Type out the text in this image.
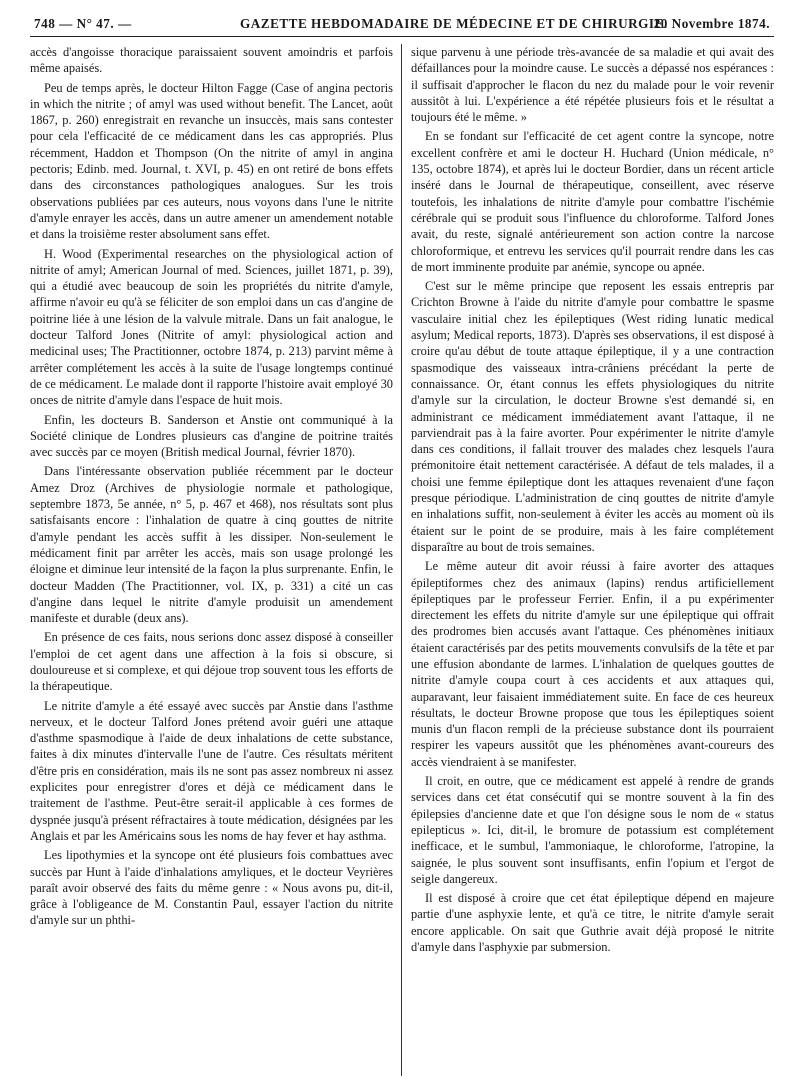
748 — N° 47. —	GAZETTE HEBDOMADAIRE DE MÉDECINE ET DE CHIRURGIE.
20 Novembre 1874.

accès d'angoisse thoracique paraissaient souvent amoindris et parfois même apaisés.

Peu de temps après, le docteur Hilton Fagge (Case of angina pectoris in which the nitrite ; of amyl was used without benefit. The Lancet, août 1867, p. 260) enregistrait en revanche un insuccès, mais sans contester pour cela l'efficacité de ce médicament dans les cas appropriés. Plus récemment, Haddon et Thompson (On the nitrite of amyl in angina pectoris; Edinb. med. Journal, t. XVI, p. 45) en ont retiré de bons effets dans des circonstances pathologiques analogues. Sur les trois observations publiées par ces auteurs, nous voyons dans l'une le nitrite d'amyle enrayer les accès, dans un autre amener un amendement notable et dans la troisième rester absolument sans effet.

H. Wood (Experimental researches on the physiological action of nitrite of amyl; American Journal of med. Sciences, juillet 1871, p. 39), qui a étudié avec beaucoup de soin les propriétés du nitrite d'amyle, affirme n'avoir eu qu'à se féliciter de son emploi dans un cas d'angine de poitrine liée à une lésion de la valvule mitrale. Dans un fait analogue, le docteur Talford Jones (Nitrite of amyl: physiological action and medicinal uses; The Practitionner, octobre 1874, p. 213) parvint même à arrêter complétement les accès à la suite de l'usage longtemps continué de ce médicament. Le malade dont il rapporte l'histoire avait employé 30 onces de nitrite d'amyle dans l'espace de huit mois.

Enfin, les docteurs B. Sanderson et Anstie ont communiqué à la Société clinique de Londres plusieurs cas d'angine de poitrine traités avec succès par ce moyen (British medical Journal, février 1870).

Dans l'intéressante observation publiée récemment par le docteur Amez Droz (Archives de physiologie normale et pathologique, septembre 1873, 5e année, n° 5, p. 467 et 468), nos résultats sont plus satisfaisants encore : l'inhalation de quatre à cinq gouttes de nitrite d'amyle pendant les accès suffit à les dissiper. Non-seulement le médicament finit par arrêter les accès, mais son usage prolongé les éloigne et diminue leur intensité de la façon la plus surprenante. Enfin, le docteur Madden (The Practitionner, vol. IX, p. 331) a cité un cas d'angine dans lequel le nitrite d'amyle produisit un amendement manifeste et durable (deux ans).

En présence de ces faits, nous serions donc assez disposé à conseiller l'emploi de cet agent dans une affection à la fois si obscure, si douloureuse et si complexe, et qui déjoue trop souvent tous les efforts de la thérapeutique.

Le nitrite d'amyle a été essayé avec succès par Anstie dans l'asthme nerveux, et le docteur Talford Jones prétend avoir guéri une attaque d'asthme spasmodique à l'aide de deux inhalations de cette substance, faites à dix minutes d'intervalle l'une de l'autre. Ces résultats méritent d'être pris en considération, mais ils ne sont pas assez nombreux ni assez explicites pour enregistrer d'ores et déjà ce médicament dans le traitement de l'asthme. Peut-être serait-il applicable à ces formes de dyspnée jusqu'à présent réfractaires à toute médication, désignées par les Anglais et par les Américains sous les noms de hay fever et hay asthma.

Les lipothymies et la syncope ont été plusieurs fois combattues avec succès par Hunt à l'aide d'inhalations amyliques, et le docteur Veyrières paraît avoir observé des faits du même genre : « Nous avons pu, dit-il, grâce à l'obligeance de M. Constantin Paul, essayer l'action du nitrite d'amyle sur un phthi-

sique parvenu à une période très-avancée de sa maladie et qui avait des défaillances pour la moindre cause. Le succès a dépassé nos espérances : il suffisait d'approcher le flacon du nez du malade pour le voir revenir aussitôt à lui. L'expérience a été répétée plusieurs fois et le résultat a toujours été le même. »

En se fondant sur l'efficacité de cet agent contre la syncope, notre excellent confrère et ami le docteur H. Huchard (Union médicale, n° 135, octobre 1874), et après lui le docteur Bordier, dans un récent article inséré dans le Journal de thérapeutique, conseillent, avec réserve toutefois, les inhalations de nitrite d'amyle pour combattre l'ischémie cérébrale qui se produit sous l'influence du chloroforme. Talford Jones avait, du reste, signalé antérieurement son action contre la narcose chloroformique, et entrevu les services qu'il pourrait rendre dans les cas de mort imminente produite par anémie, syncope ou apnée.

C'est sur le même principe que reposent les essais entrepris par Crichton Browne à l'aide du nitrite d'amyle pour combattre le spasme vasculaire initial chez les épileptiques (West riding lunatic medical asylum; Medical reports, 1873). D'après ses observations, il est disposé à croire qu'au début de toute attaque épileptique, il y a une contraction spasmodique des vaisseaux intra-crâniens précédant la perte de connaissance. Or, étant connus les effets physiologiques du nitrite d'amyle sur la circulation, le docteur Browne s'est demandé si, en administrant ce médicament immédiatement avant l'attaque, il ne parviendrait pas à la faire avorter. Pour expérimenter le nitrite d'amyle dans ces conditions, il fallait trouver des malades chez lesquels l'aura prémonitoire était nettement caractérisée. A défaut de tels malades, il a choisi une femme épileptique dont les attaques revenaient d'une façon presque périodique. L'administration de cinq gouttes de nitrite d'amyle en inhalations suffit, non-seulement à éviter les accès au moment où ils étaient sur le point de se produire, mais à les faire complétement disparaître au bout de trois semaines.

Le même auteur dit avoir réussi à faire avorter des attaques épileptiformes chez des animaux (lapins) rendus artificiellement épileptiques par le professeur Ferrier. Enfin, il a pu expérimenter directement les effets du nitrite d'amyle sur une épileptique qui offrait des prodromes bien accusés avant l'attaque. Ces phénomènes initiaux étaient caractérisés par des petits mouvements convulsifs de la tête et par une effusion abondante de larmes. L'inhalation de quelques gouttes de nitrite d'amyle coupa court à ces accidents et aux attaques qui, auparavant, leur faisaient immédiatement suite. En face de ces heureux résultats, le docteur Browne propose que tous les épileptiques soient munis d'un flacon rempli de la précieuse substance dont ils pourraient respirer les vapeurs aussitôt que les phénomènes avant-coureurs des accès viendraient à se manifester.

Il croit, en outre, que ce médicament est appelé à rendre de grands services dans cet état consécutif qui se montre souvent à la fin des épilepsies d'ancienne date et que l'on désigne sous le nom de « status epilepticus ». Ici, dit-il, le bromure de potassium est complétement inefficace, et le sumbul, l'ammoniaque, le chloroforme, l'atropine, la saignée, le plus souvent sont insuffisants, enfin l'opium et l'ergot de seigle dangereux.

Il est disposé à croire que cet état épileptique dépend en majeure partie d'une asphyxie lente, et qu'à ce titre, le nitrite d'amyle serait encore applicable. On sait que Guthrie avait déjà proposé le nitrite d'amyle dans l'asphyxie par submersion.
